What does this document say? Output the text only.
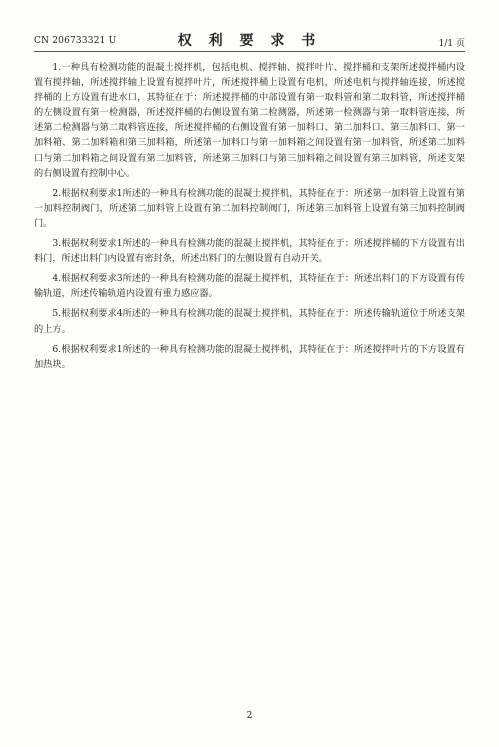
CN 206733321 U	权 利 要 求 书	1/1 页

1.一种具有检测功能的混凝土搅拌机，包括电机、搅拌轴、搅拌叶片、搅拌桶和支架所述搅拌桶内设置有搅拌轴，所述搅拌轴上设置有搅拌叶片，所述搅拌桶上设置有电机，所述电机与搅拌轴连接，所述搅拌桶的上方设置有进水口，其特征在于：所述搅拌桶的中部设置有第一取料管和第二取料管，所述搅拌桶的左侧设置有第一检测器，所述搅拌桶的右侧设置有第二检测器，所述第一检测器与第一取料管连接，所述第二检测器与第二取料管连接，所述搅拌桶的右侧设置有第一加料口、第二加料口、第三加料口、第一加料箱、第二加料箱和第三加料箱，所述第一加料口与第一加料箱之间设置有第一加料管，所述第二加料口与第二加料箱之间设置有第二加料管，所述第三加料口与第三加料箱之间设置有第三加料管，所述支架的右侧设置有控制中心。

2.根据权利要求1所述的一种具有检测功能的混凝土搅拌机，其特征在于：所述第一加料管上设置有第一加料控制阀门，所述第二加料管上设置有第二加料控制阀门，所述第三加料管上设置有第三加料控制阀门。

3.根据权利要求1所述的一种具有检测功能的混凝土搅拌机，其特征在于：所述搅拌桶的下方设置有出料门，所述出料门内设置有密封条，所述出料门的左侧设置有自动开关。

4.根据权利要求3所述的一种具有检测功能的混凝土搅拌机，其特征在于：所述出料门的下方设置有传输轨道，所述传输轨道内设置有重力感应器。

5.根据权利要求4所述的一种具有检测功能的混凝土搅拌机，其特征在于：所述传输轨道位于所述支架的上方。

6.根据权利要求1所述的一种具有检测功能的混凝土搅拌机，其特征在于：所述搅拌叶片的下方设置有加热块。

2
